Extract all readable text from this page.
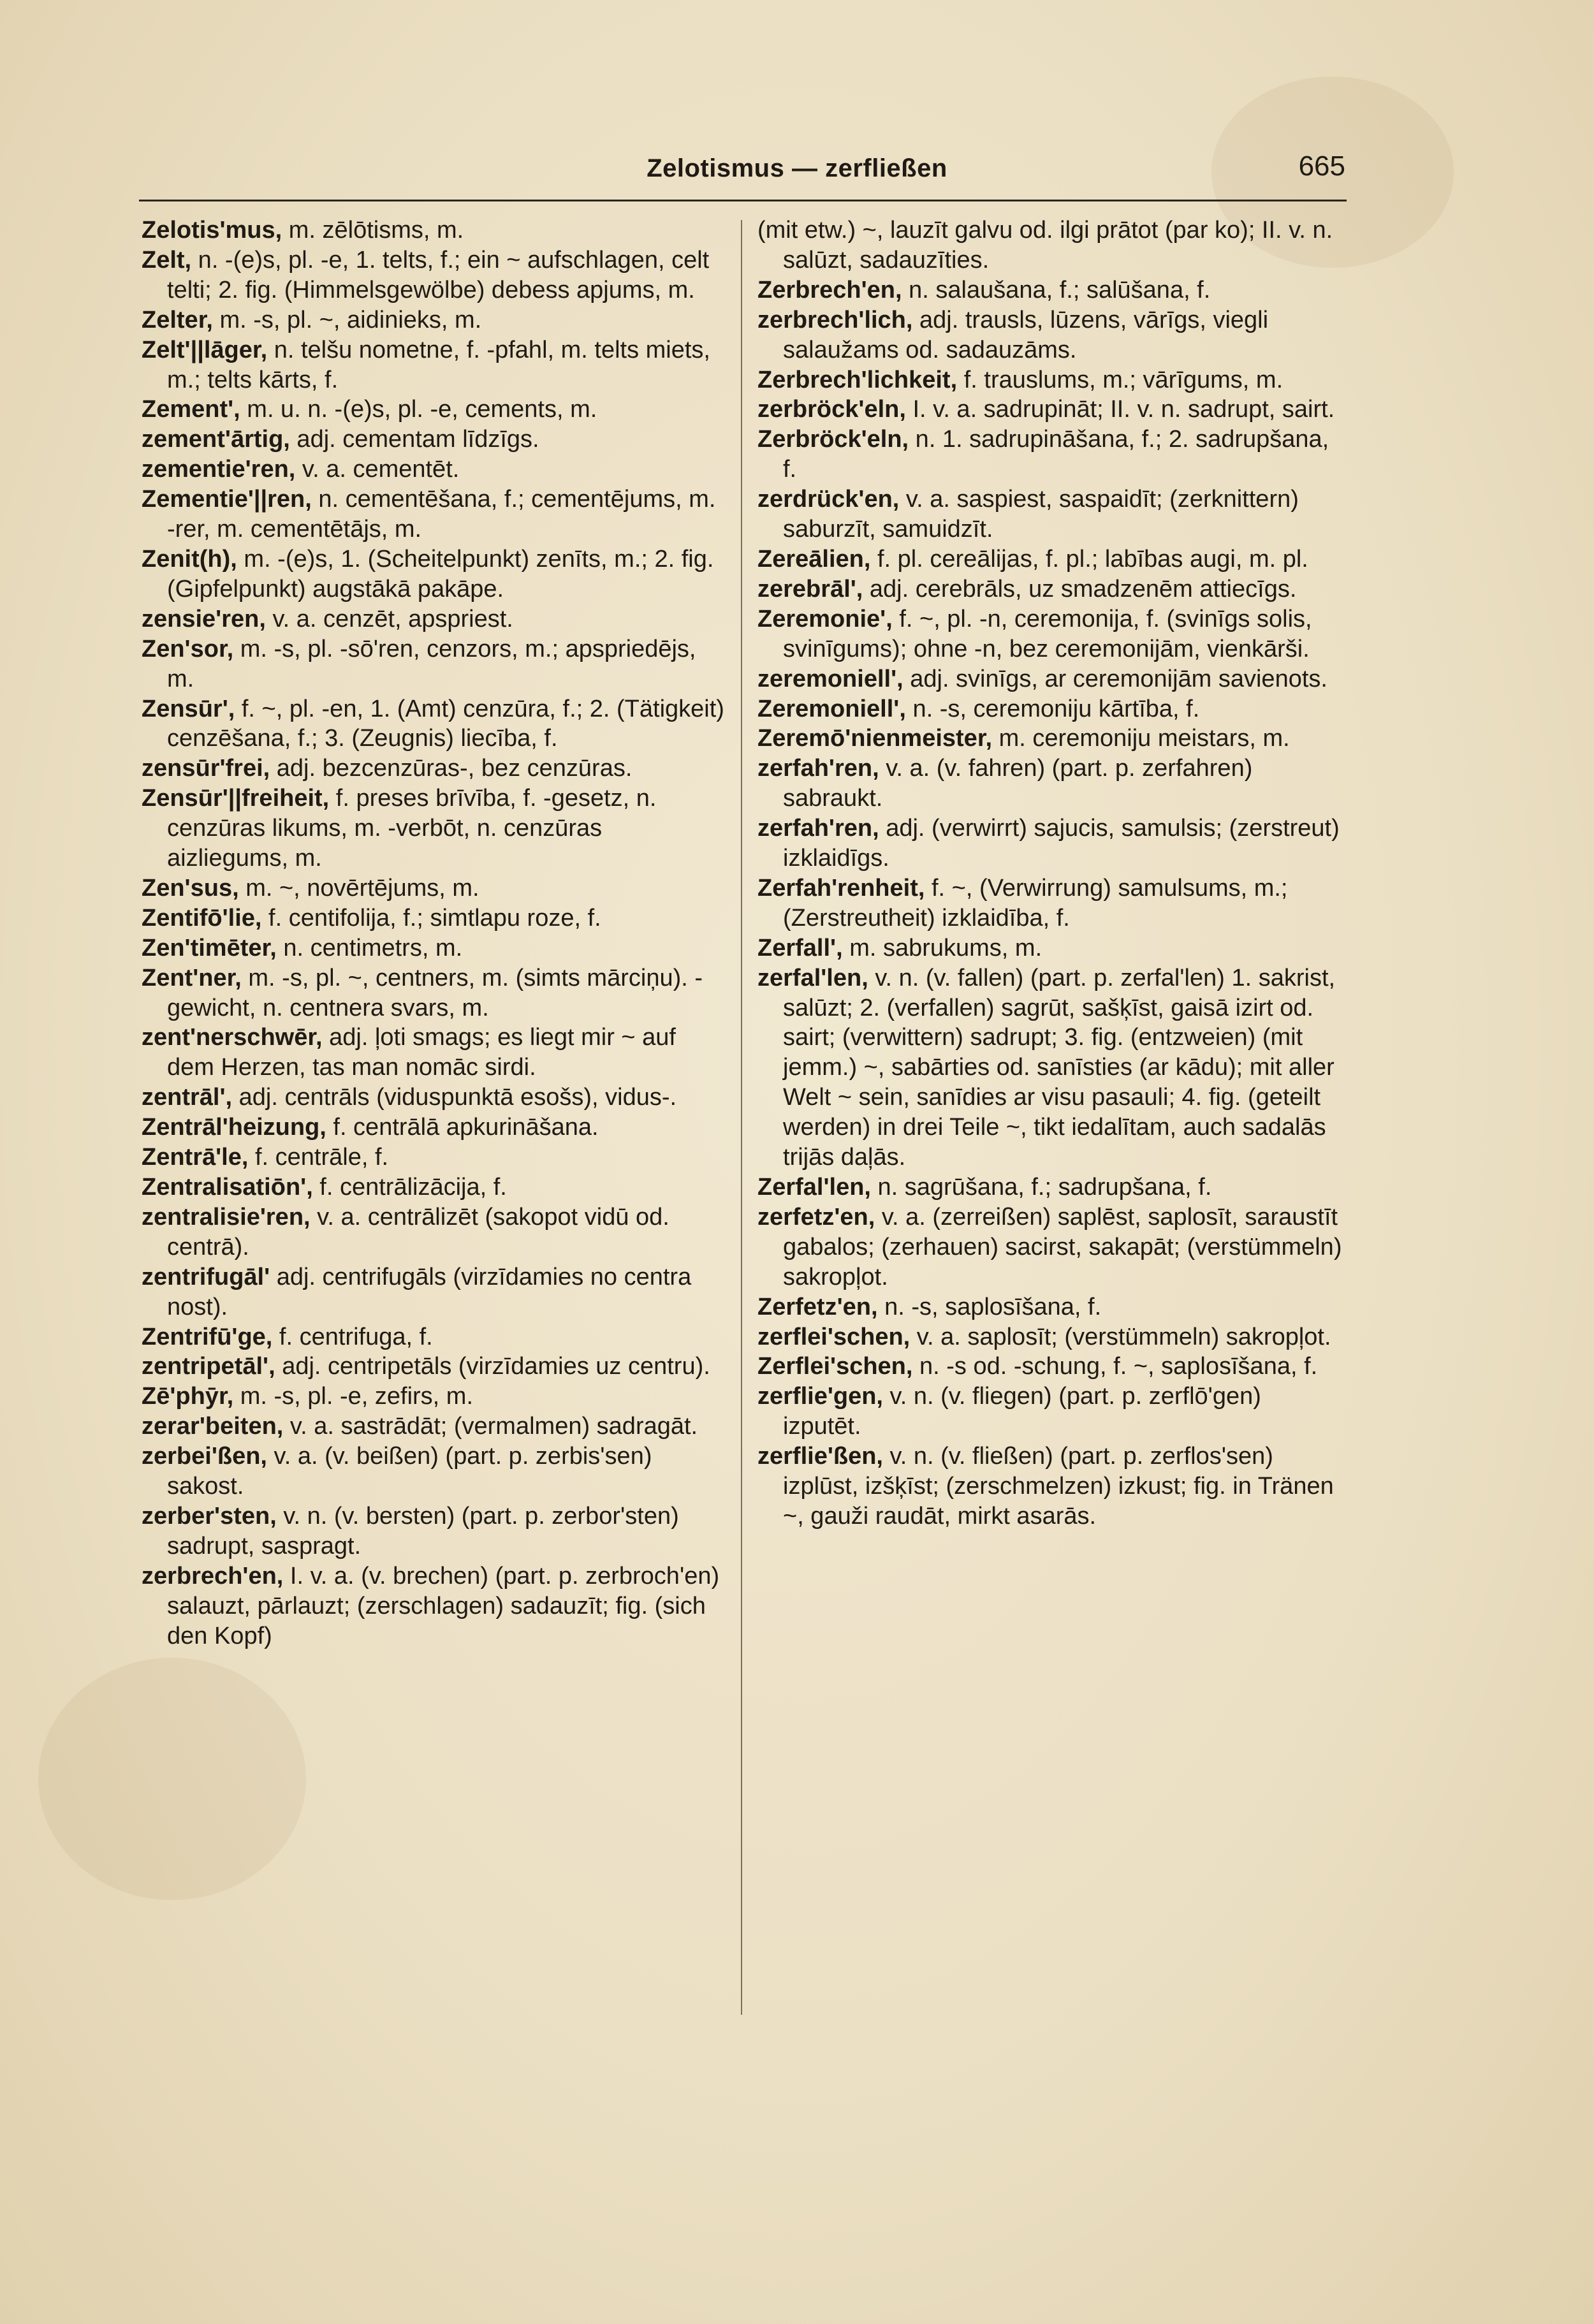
Zelotismus — zerfließen	665

Zelotis'mus, m. zēlōtisms, m.

Zelt, n. -(e)s, pl. -e, 1. telts, f.; ein ~ aufschlagen, celt telti; 2. fig. (Himmelsgewölbe) debess apjums, m.

Zelter, m. -s, pl. ~, aidinieks, m.

Zelt'||lāger, n. telšu nometne, f. -pfahl, m. telts miets, m.; telts kārts, f.

Zement', m. u. n. -(e)s, pl. -e, cements, m.

zement'ārtig, adj. cementam līdzīgs.

zementie'ren, v. a. cementēt.

Zementie'||ren, n. cementēšana, f.; cementējums, m. -rer, m. cementētājs, m.

Zenit(h), m. -(e)s, 1. (Scheitelpunkt) zenīts, m.; 2. fig. (Gipfelpunkt) augstākā pakāpe.

zensie'ren, v. a. cenzēt, apspriest.

Zen'sor, m. -s, pl. -sō'ren, cenzors, m.; apspriedējs, m.

Zensūr', f. ~, pl. -en, 1. (Amt) cenzūra, f.; 2. (Tätigkeit) cenzēšana, f.; 3. (Zeugnis) liecība, f.

zensūr'frei, adj. bezcenzūras-, bez cenzūras.

Zensūr'||freiheit, f. preses brīvība, f. -gesetz, n. cenzūras likums, m. -verbōt, n. cenzūras aizliegums, m.

Zen'sus, m. ~, novērtējums, m.

Zentifō'lie, f. centifolija, f.; simtlapu roze, f.

Zen'timēter, n. centimetrs, m.

Zent'ner, m. -s, pl. ~, centners, m. (simts mārciņu). -gewicht, n. centnera svars, m.

zent'nerschwēr, adj. ļoti smags; es liegt mir ~ auf dem Herzen, tas man nomāc sirdi.

zentrāl', adj. centrāls (viduspunktā esošs), vidus-.

Zentrāl'heizung, f. centrālā apkurināšana.

Zentrā'le, f. centrāle, f.

Zentralisatiōn', f. centrālizācija, f.

zentralisie'ren, v. a. centrālizēt (sakopot vidū od. centrā).

zentrifugāl' adj. centrifugāls (virzīdamies no centra nost).

Zentrifū'ge, f. centrifuga, f.

zentripetāl', adj. centripetāls (virzīdamies uz centru).

Zē'phȳr, m. -s, pl. -e, zefirs, m.

zerar'beiten, v. a. sastrādāt; (vermalmen) sadragāt.

zerbei'ßen, v. a. (v. beißen) (part. p. zerbis'sen) sakost.

zerber'sten, v. n. (v. bersten) (part. p. zerbor'sten) sadrupt, saspragt.

zerbrech'en, I. v. a. (v. brechen) (part. p. zerbroch'en) salauzt, pārlauzt; (zerschlagen) sadauzīt; fig. (sich den Kopf)

(mit etw.) ~, lauzīt galvu od. ilgi prātot (par ko); II. v. n. salūzt, sadauzīties.

Zerbrech'en, n. salaušana, f.; salūšana, f.

zerbrech'lich, adj. trausls, lūzens, vārīgs, viegli salaužams od. sadauzāms.

Zerbrech'lichkeit, f. trauslums, m.; vārīgums, m.

zerbröck'eln, I. v. a. sadrupināt; II. v. n. sadrupt, sairt.

Zerbröck'eln, n. 1. sadrupināšana, f.; 2. sadrupšana, f.

zerdrück'en, v. a. saspiest, saspaidīt; (zerknittern) saburzīt, samuidzīt.

Zereālien, f. pl. cereālijas, f. pl.; labības augi, m. pl.

zerebrāl', adj. cerebrāls, uz smadzenēm attiecīgs.

Zeremonie', f. ~, pl. -n, ceremonija, f. (svinīgs solis, svinīgums); ohne -n, bez ceremonijām, vienkārši.

zeremoniell', adj. svinīgs, ar ceremonijām savienots.

Zeremoniell', n. -s, ceremoniju kārtība, f.

Zeremō'nienmeister, m. ceremoniju meistars, m.

zerfah'ren, v. a. (v. fahren) (part. p. zerfahren) sabraukt.

zerfah'ren, adj. (verwirrt) sajucis, samulsis; (zerstreut) izklaidīgs.

Zerfah'renheit, f. ~, (Verwirrung) samulsums, m.; (Zerstreutheit) izklaidība, f.

Zerfall', m. sabrukums, m.

zerfal'len, v. n. (v. fallen) (part. p. zerfal'len) 1. sakrist, salūzt; 2. (verfallen) sagrūt, sašķīst, gaisā izirt od. sairt; (verwittern) sadrupt; 3. fig. (entzweien) (mit jemm.) ~, sabārties od. sanīsties (ar kādu); mit aller Welt ~ sein, sanīdies ar visu pasauli; 4. fig. (geteilt werden) in drei Teile ~, tikt iedalītam, auch sadalās trijās daļās.

Zerfal'len, n. sagrūšana, f.; sadrupšana, f.

zerfetz'en, v. a. (zerreißen) saplēst, saplosīt, saraustīt gabalos; (zerhauen) sacirst, sakapāt; (verstümmeln) sakropļot.

Zerfetz'en, n. -s, saplosīšana, f.

zerflei'schen, v. a. saplosīt; (verstümmeln) sakropļot.

Zerflei'schen, n. -s od. -schung, f. ~, saplosīšana, f.

zerflie'gen, v. n. (v. fliegen) (part. p. zerflō'gen) izputēt.

zerflie'ßen, v. n. (v. fließen) (part. p. zerflos'sen) izplūst, izšķīst; (zerschmelzen) izkust; fig. in Tränen ~, gauži raudāt, mirkt asarās.
